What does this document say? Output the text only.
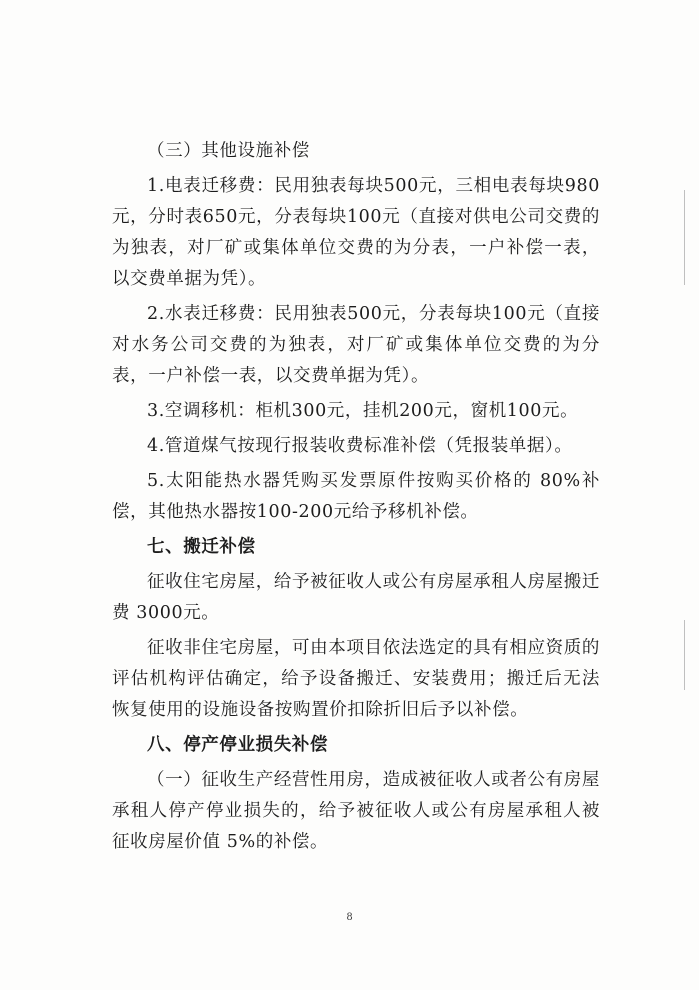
（三）其他设施补偿

1.电表迁移费：民用独表每块500元，三相电表每块980元，分时表650元，分表每块100元（直接对供电公司交费的为独表，对厂矿或集体单位交费的为分表，一户补偿一表，以交费单据为凭）。

2.水表迁移费：民用独表500元，分表每块100元（直接对水务公司交费的为独表，对厂矿或集体单位交费的为分表，一户补偿一表，以交费单据为凭）。

3.空调移机：柜机300元，挂机200元，窗机100元。

4.管道煤气按现行报装收费标准补偿（凭报装单据）。

5.太阳能热水器凭购买发票原件按购买价格的 80%补偿，其他热水器按100-200元给予移机补偿。

七、搬迁补偿

征收住宅房屋，给予被征收人或公有房屋承租人房屋搬迁费 3000元。

征收非住宅房屋，可由本项目依法选定的具有相应资质的评估机构评估确定，给予设备搬迁、安装费用；搬迁后无法恢复使用的设施设备按购置价扣除折旧后予以补偿。

八、停产停业损失补偿

（一）征收生产经营性用房，造成被征收人或者公有房屋承租人停产停业损失的，给予被征收人或公有房屋承租人被征收房屋价值 5%的补偿。

8
